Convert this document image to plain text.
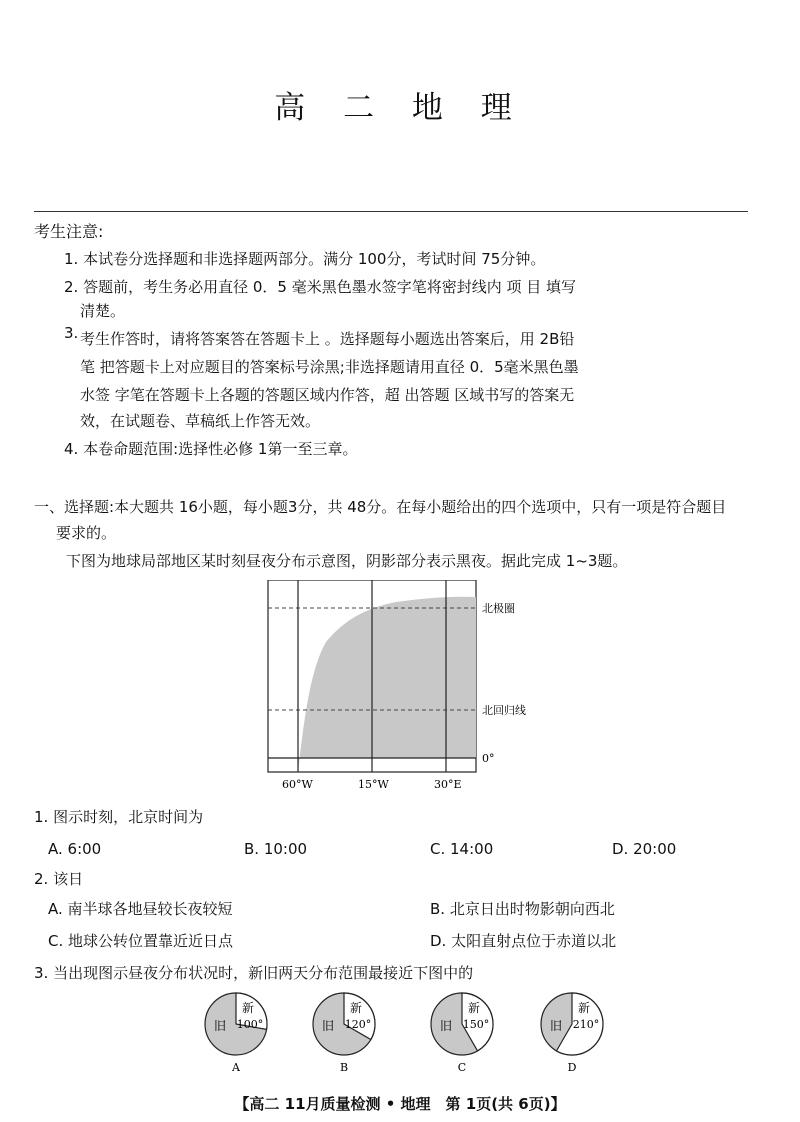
高 二 地 理
考生注意:
1. 本试卷分选择题和非选择题两部分。满分 100分，考试时间 75分钟。
2. 答题前，考生务必用直径 0．5 毫米黑色墨水签字笔将密封线内 项 目 填写
清楚。
3. 考生作答时，请将答案答在答题卡上 。选择题每小题选出答案后，用 2B铅
笔 把答题卡上对应题目的答案标号涂黑;非选择题请用直径 0．5毫米黑色墨
水签 字笔在答题卡上各题的答题区域内作答，超 出答题 区域书写的答案无
效，在试题卷、草稿纸上作答无效。
4. 本卷命题范围:选择性必修 1第一至三章。
一、选择题:本大题共 16小题，每小题3分，共 48分。在每小题给出的四个选项中，只有一项是符合题目
要求的。
下图为地球局部地区某时刻昼夜分布示意图，阴影部分表示黑夜。据此完成 1~3题。
北极圈
北回归线
0°
60°W	15°W	30°E
1. 图示时刻，北京时间为
A. 6:00	B. 10:00	C. 14:00	D. 20:00
2. 该日
A. 南半球各地昼较长夜较短	B. 北京日出时物影朝向西北
C. 地球公转位置靠近近日点	D. 太阳直射点位于赤道以北
3. 当出现图示昼夜分布状况时，新旧两天分布范围最接近下图中的
新
100°
旧
A
新
120°
旧
B
新
150°
旧
C
新
210°
旧
D
【高二 11月质量检测 • 地理　第 1页(共 6页)】
